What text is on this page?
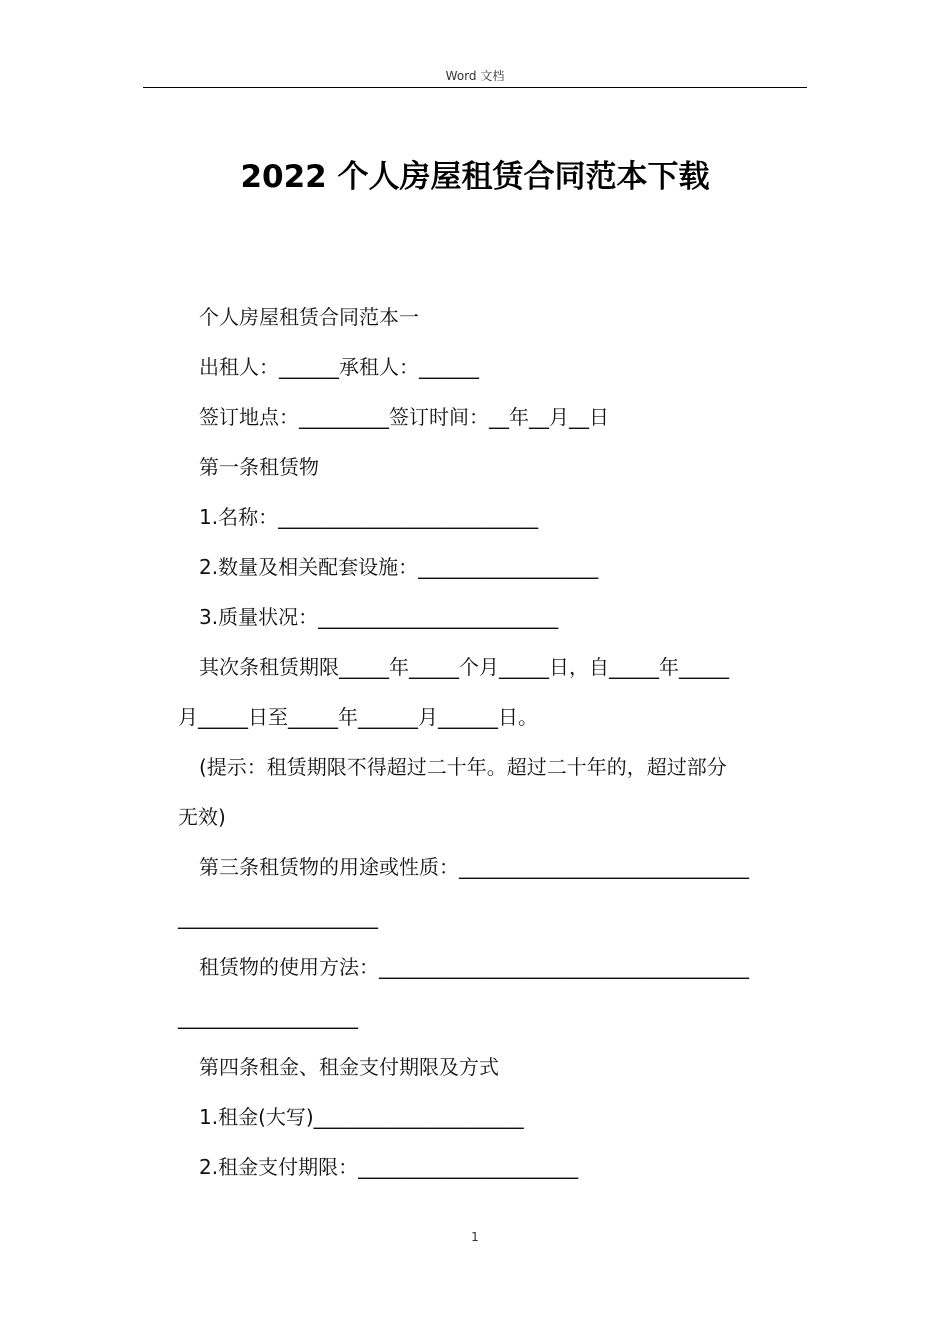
Word 文档
2022 个人房屋租赁合同范本下载

个人房屋租赁合同范本一

出租人：______承租人：______

签订地点：_________签订时间：__年__月__日

第一条租赁物

1.名称：__________________________

2.数量及相关配套设施：__________________

3.质量状况：________________________

其次条租赁期限_____年_____个月_____日，自_____年_____

月_____日至_____年______月______日。

(提示：租赁期限不得超过二十年。超过二十年的，超过部分

无效)

第三条租赁物的用途或性质：_____________________________

____________________

租赁物的使用方法：_____________________________________

__________________

第四条租金、租金支付期限及方式

1.租金(大写)_____________________

2.租金支付期限：______________________

1
